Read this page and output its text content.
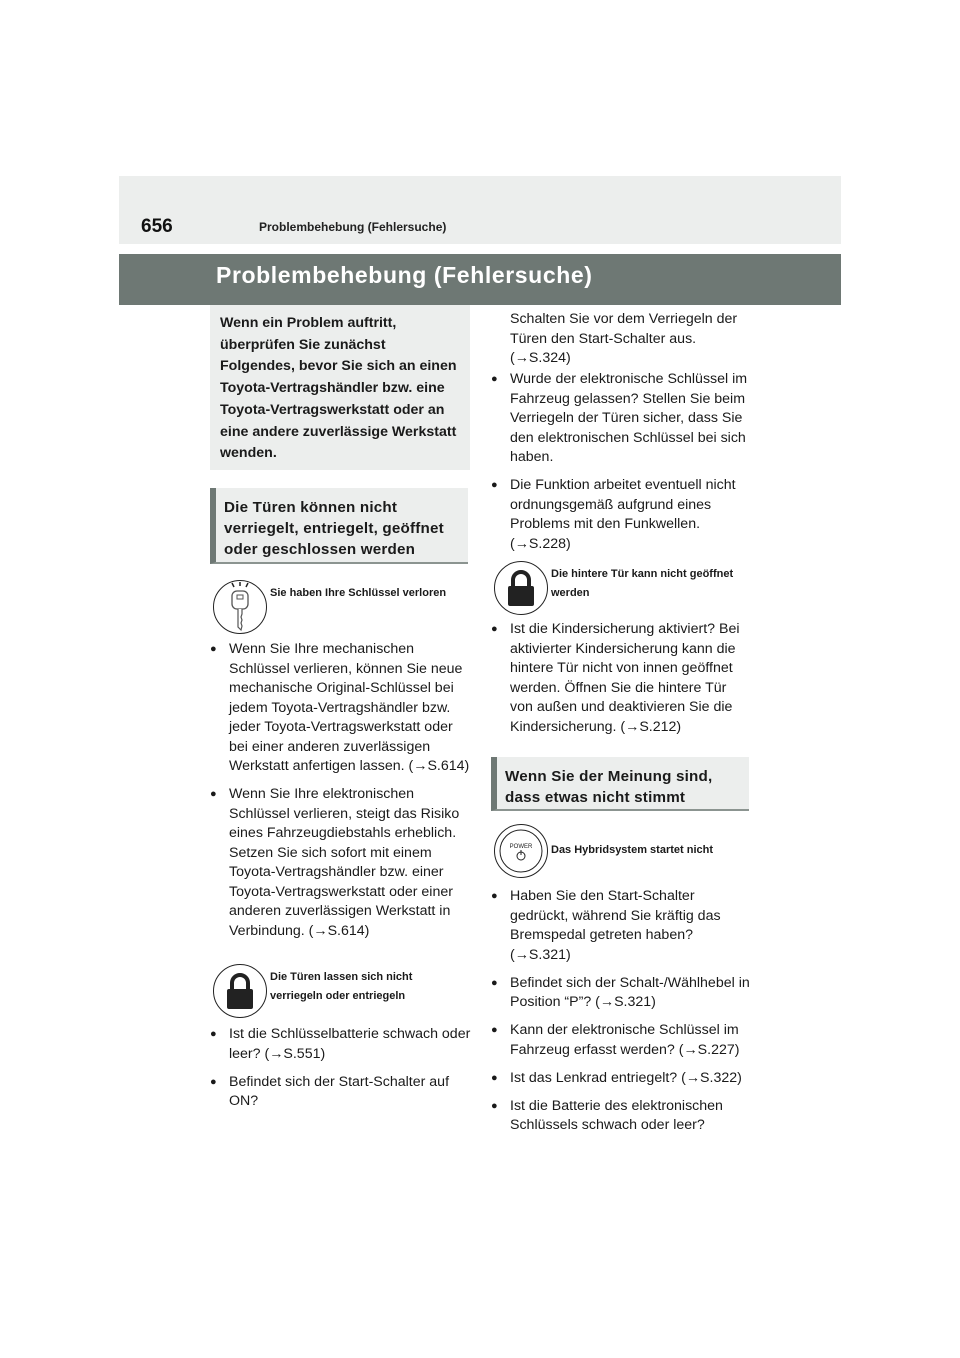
656	Problembehebung (Fehlersuche)
Problembehebung (Fehlersuche)

Wenn ein Problem auftritt, überprüfen Sie zunächst Folgendes, bevor Sie sich an einen Toyota-Vertragshändler bzw. eine Toyota-Vertragswerkstatt oder an eine andere zuverlässige Werkstatt wenden.

Die Türen können nicht verriegelt, entriegelt, geöffnet oder geschlossen werden
Sie haben Ihre Schlüssel verloren
● Wenn Sie Ihre mechanischen Schlüssel verlieren, können Sie neue mechanische Original-Schlüssel bei jedem Toyota-Vertragshändler bzw. jeder Toyota-Vertragswerkstatt oder bei einer anderen zuverlässigen Werkstatt anfertigen lassen. (→S.614)
● Wenn Sie Ihre elektronischen Schlüssel verlieren, steigt das Risiko eines Fahrzeugdiebstahls erheblich. Setzen Sie sich sofort mit einem Toyota-Vertragshändler bzw. einer Toyota-Vertragswerkstatt oder einer anderen zuverlässigen Werkstatt in Verbindung. (→S.614)
Die Türen lassen sich nicht verriegeln oder entriegeln
● Ist die Schlüsselbatterie schwach oder leer? (→S.551)
● Befindet sich der Start-Schalter auf ON?

Schalten Sie vor dem Verriegeln der Türen den Start-Schalter aus. (→S.324)

● Wurde der elektronische Schlüssel im Fahrzeug gelassen? Stellen Sie beim Verriegeln der Türen sicher, dass Sie den elektronischen Schlüssel bei sich haben.
● Die Funktion arbeitet eventuell nicht ordnungsgemäß aufgrund eines Problems mit den Funkwellen. (→S.228)
Die hintere Tür kann nicht geöffnet werden
● Ist die Kindersicherung aktiviert? Bei aktivierter Kindersicherung kann die hintere Tür nicht von innen geöffnet werden. Öffnen Sie die hintere Tür von außen und deaktivieren Sie die Kindersicherung. (→S.212)
Wenn Sie der Meinung sind, dass etwas nicht stimmt
POWER Das Hybridsystem startet nicht
● Haben Sie den Start-Schalter gedrückt, während Sie kräftig das Bremspedal getreten haben? (→S.321)
● Befindet sich der Schalt-/Wählhebel in Position “P”? (→S.321)
● Kann der elektronische Schlüssel im Fahrzeug erfasst werden? (→S.227)
● Ist das Lenkrad entriegelt? (→S.322)
● Ist die Batterie des elektronischen Schlüssels schwach oder leer?
